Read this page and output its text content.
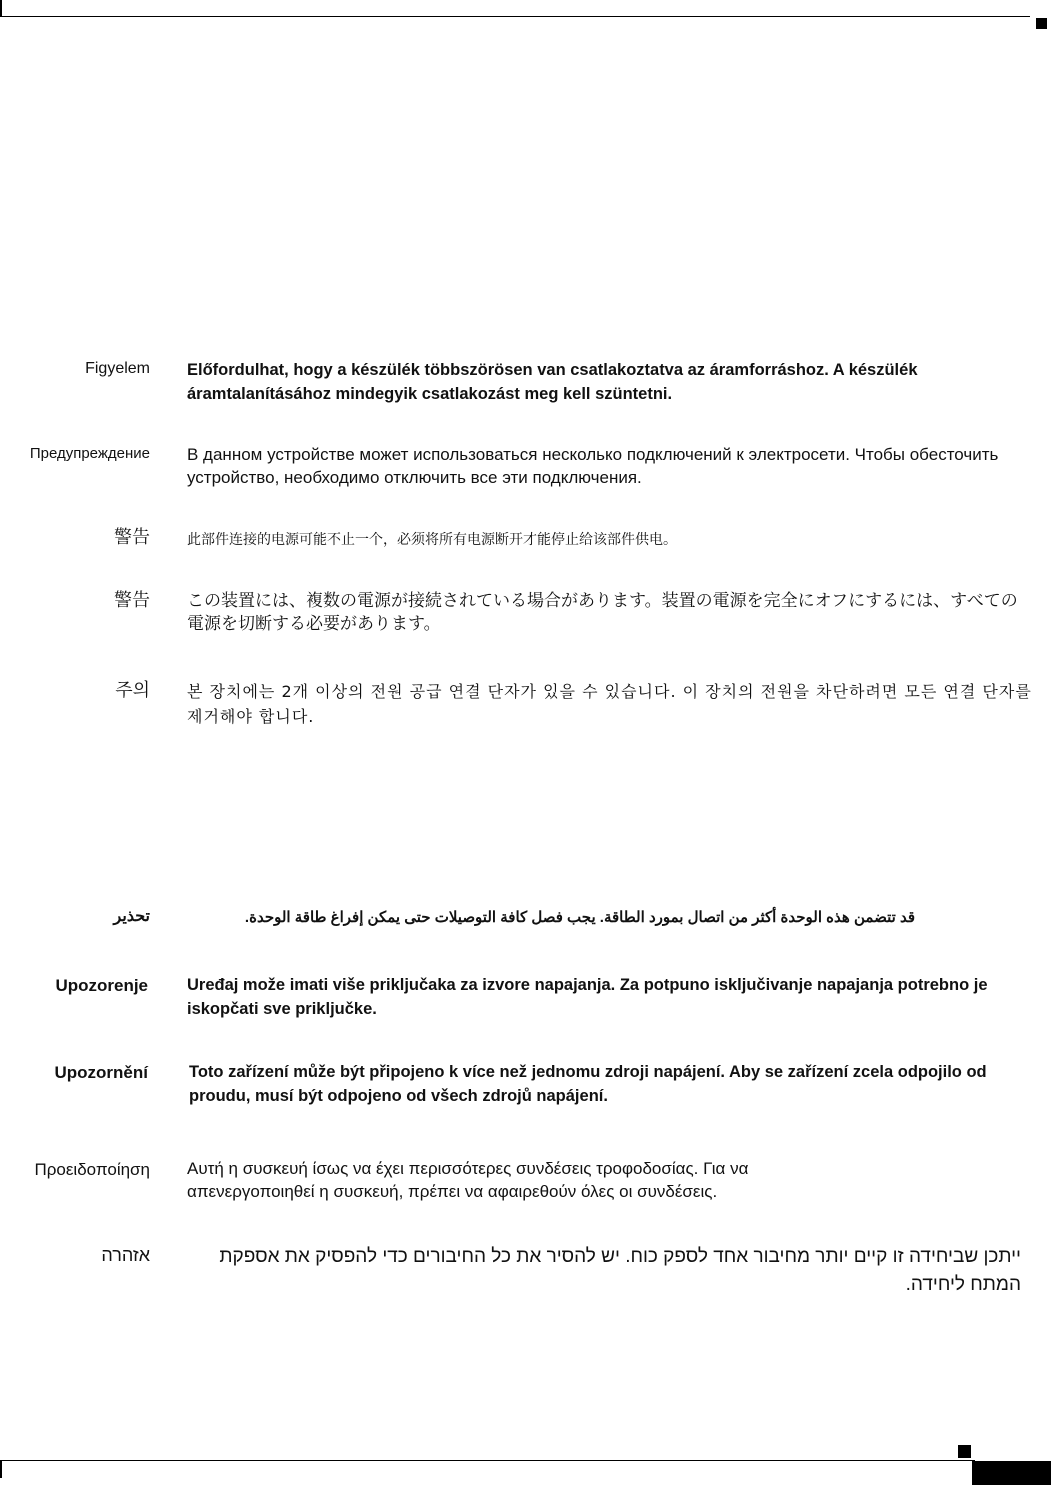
Figyelem Előfordulhat, hogy a készülék többszörösen van csatlakoztatva az áramforráshoz. A készülék áramtalanításához mindegyik csatlakozást meg kell szüntetni.
Предупреждение В данном устройстве может использоваться несколько подключений к электросети. Чтобы обесточить устройство, необходимо отключить все эти подключения.
警告	此部件连接的电源可能不止一个，必须将所有电源断开才能停止给该部件供电。
警告 この装置には、複数の電源が接続されている場合があります。装置の電源を完全にオフにするには、すべての電源を切断する必要があります。
주의 본 장치에는 2개 이상의 전원 공급 연결 단자가 있을 수 있습니다. 이 장치의 전원을 차단하려면 모든 연결 단자를 제거해야 합니다.
تحذير	قد تتضمن هذه الوحدة أكثر من اتصال بمورد الطاقة. يجب فصل كافة التوصيلات حتى يمكن إفراغ طاقة الوحدة.
Upozorenje Uređaj može imati više priključaka za izvore napajanja. Za potpuno isključivanje napajanja potrebno je iskopčati sve priključke.
Upozornění Toto zařízení může být připojeno k více než jednomu zdroji napájení. Aby se zařízení zcela odpojilo od proudu, musí být odpojeno od všech zdrojů napájení.
Προειδοποίηση Αυτή η συσκευή ίσως να έχει περισσότερες συνδέσεις τροφοδοσίας. Για να απενεργοποιηθεί η συσκευή, πρέπει να αφαιρεθούν όλες οι συνδέσεις.
אזהרה	ייתכן שביחידה זו קיים יותר מחיבור אחד לספק כוח. יש להסיר את כל החיבורים כדי להפסיק את אספקת המתח ליחידה.
